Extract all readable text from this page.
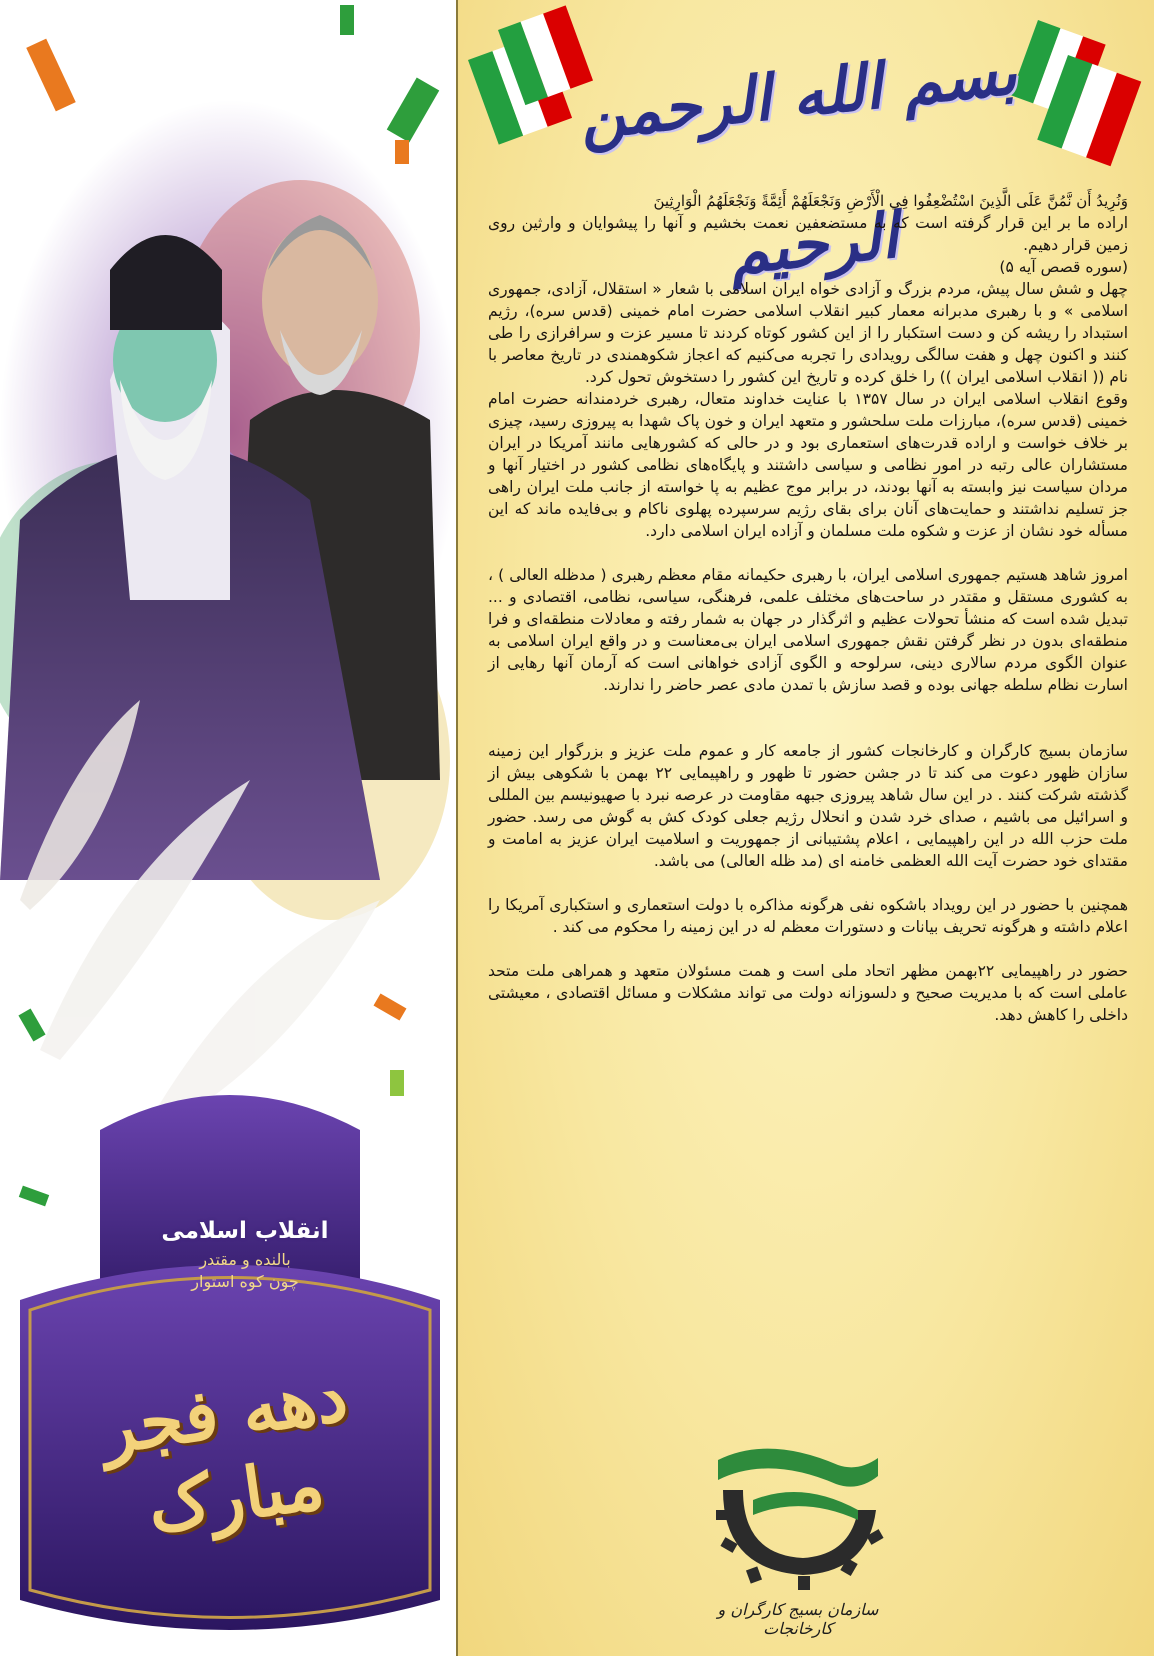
انقلاب اسلامی
بالنده و مقتدر
چون کوه استوار
دهه فجر مبارک
بسم الله الرحمن الرحیم

وَنُرِيدُ أَن نَّمُنَّ عَلَى الَّذِينَ اسْتُضْعِفُوا فِي الْأَرْضِ وَنَجْعَلَهُمْ أَئِمَّةً وَنَجْعَلَهُمُ الْوَارِثِينَ

اراده ما بر این قرار گرفته است که به مستضعفین نعمت بخشیم و آنها را پیشوایان و وارثین روی زمین قرار دهیم.

(سوره قصص آیه ۵)

چهل و شش سال پیش، مردم بزرگ و آزادی خواه ایران اسلامی با شعار « استقلال، آزادی، جمهوری اسلامی » و با رهبری مدبرانه معمار کبیر انقلاب اسلامی حضرت امام خمینی (قدس سره)، رژیم استبداد را ریشه کن و دست استکبار را از این کشور کوتاه کردند تا مسیر عزت و سرافرازی را طی کنند و اکنون چهل و هفت سالگی رویدادی را تجربه می‌کنیم که اعجاز شکوهمندی در تاریخ معاصر با نام (( انقلاب اسلامی ایران )) را خلق کرده و تاریخ این کشور را دستخوش تحول کرد.

وقوع انقلاب اسلامی ایران در سال ۱۳۵۷ با عنایت خداوند متعال، رهبری خردمندانه حضرت امام خمینی (قدس سره)، مبارزات ملت سلحشور و متعهد ایران و خون پاک شهدا به پیروزی رسید، چیزی بر خلاف خواست و اراده قدرت‌های استعماری بود و در حالی که کشورهایی مانند آمریکا در ایران مستشاران عالی رتبه در امور نظامی و سیاسی داشتند و پایگاه‌های نظامی کشور در اختیار آنها و مردان سیاست نیز وابسته به آنها بودند، در برابر موج عظیم به پا خواسته از جانب ملت ایران راهی جز تسلیم نداشتند و حمایت‌های آنان برای بقای رژیم سرسپرده پهلوی ناکام و بی‌فایده ماند که این مسأله خود نشان از عزت و شکوه ملت مسلمان و آزاده ایران اسلامی دارد.

امروز شاهد هستیم جمهوری اسلامی ایران، با رهبری حکیمانه مقام معظم رهبری ( مدظله العالی ) ، به کشوری مستقل و مقتدر در ساحت‌های مختلف علمی، فرهنگی، سیاسی، نظامی، اقتصادی و ... تبدیل شده است که منشأ تحولات عظیم و اثرگذار در جهان به شمار رفته و معادلات منطقه‌ای و فرا منطقه‌ای بدون در نظر گرفتن نقش جمهوری اسلامی ایران بی‌معناست و در واقع ایران اسلامی به عنوان الگوی مردم سالاری دینی، سرلوحه و الگوی آزادی خواهانی است که آرمان آنها رهایی از اسارت نظام سلطه جهانی بوده و قصد سازش با تمدن مادی عصر حاضر را ندارند.

سازمان بسیج کارگران و کارخانجات کشور از جامعه کار و عموم ملت عزیز و بزرگوار این زمینه سازان ظهور دعوت می کند تا در جشن حضور تا ظهور و راهپیمایی ۲۲ بهمن با شکوهی بیش از گذشته شرکت کنند . در این سال شاهد پیروزی جبهه مقاومت در عرصه نبرد با صهیونیسم بین المللی و اسرائیل می باشیم ، صدای خرد شدن و انحلال رژیم جعلی کودک کش به گوش می رسد. حضور ملت حزب الله در این راهپیمایی ، اعلام پشتیبانی از جمهوریت و اسلامیت ایران عزیز به امامت و مقتدای خود حضرت آیت الله العظمی خامنه ای (مد ظله العالی) می باشد.

همچنین با حضور در این رویداد باشکوه نفی هرگونه مذاکره با دولت استعماری و استکباری آمریکا را اعلام داشته و هرگونه تحریف بیانات و دستورات معظم له در این زمینه را محکوم می کند .

حضور در راهپیمایی ۲۲بهمن مظهر اتحاد ملی است و همت مسئولان متعهد و همراهی ملت متحد عاملی است که با مدیریت صحیح و دلسوزانه دولت می تواند مشکلات و مسائل اقتصادی ، معیشتی داخلی را کاهش دهد.

سازمان بسیج کارگران و کارخانجات
